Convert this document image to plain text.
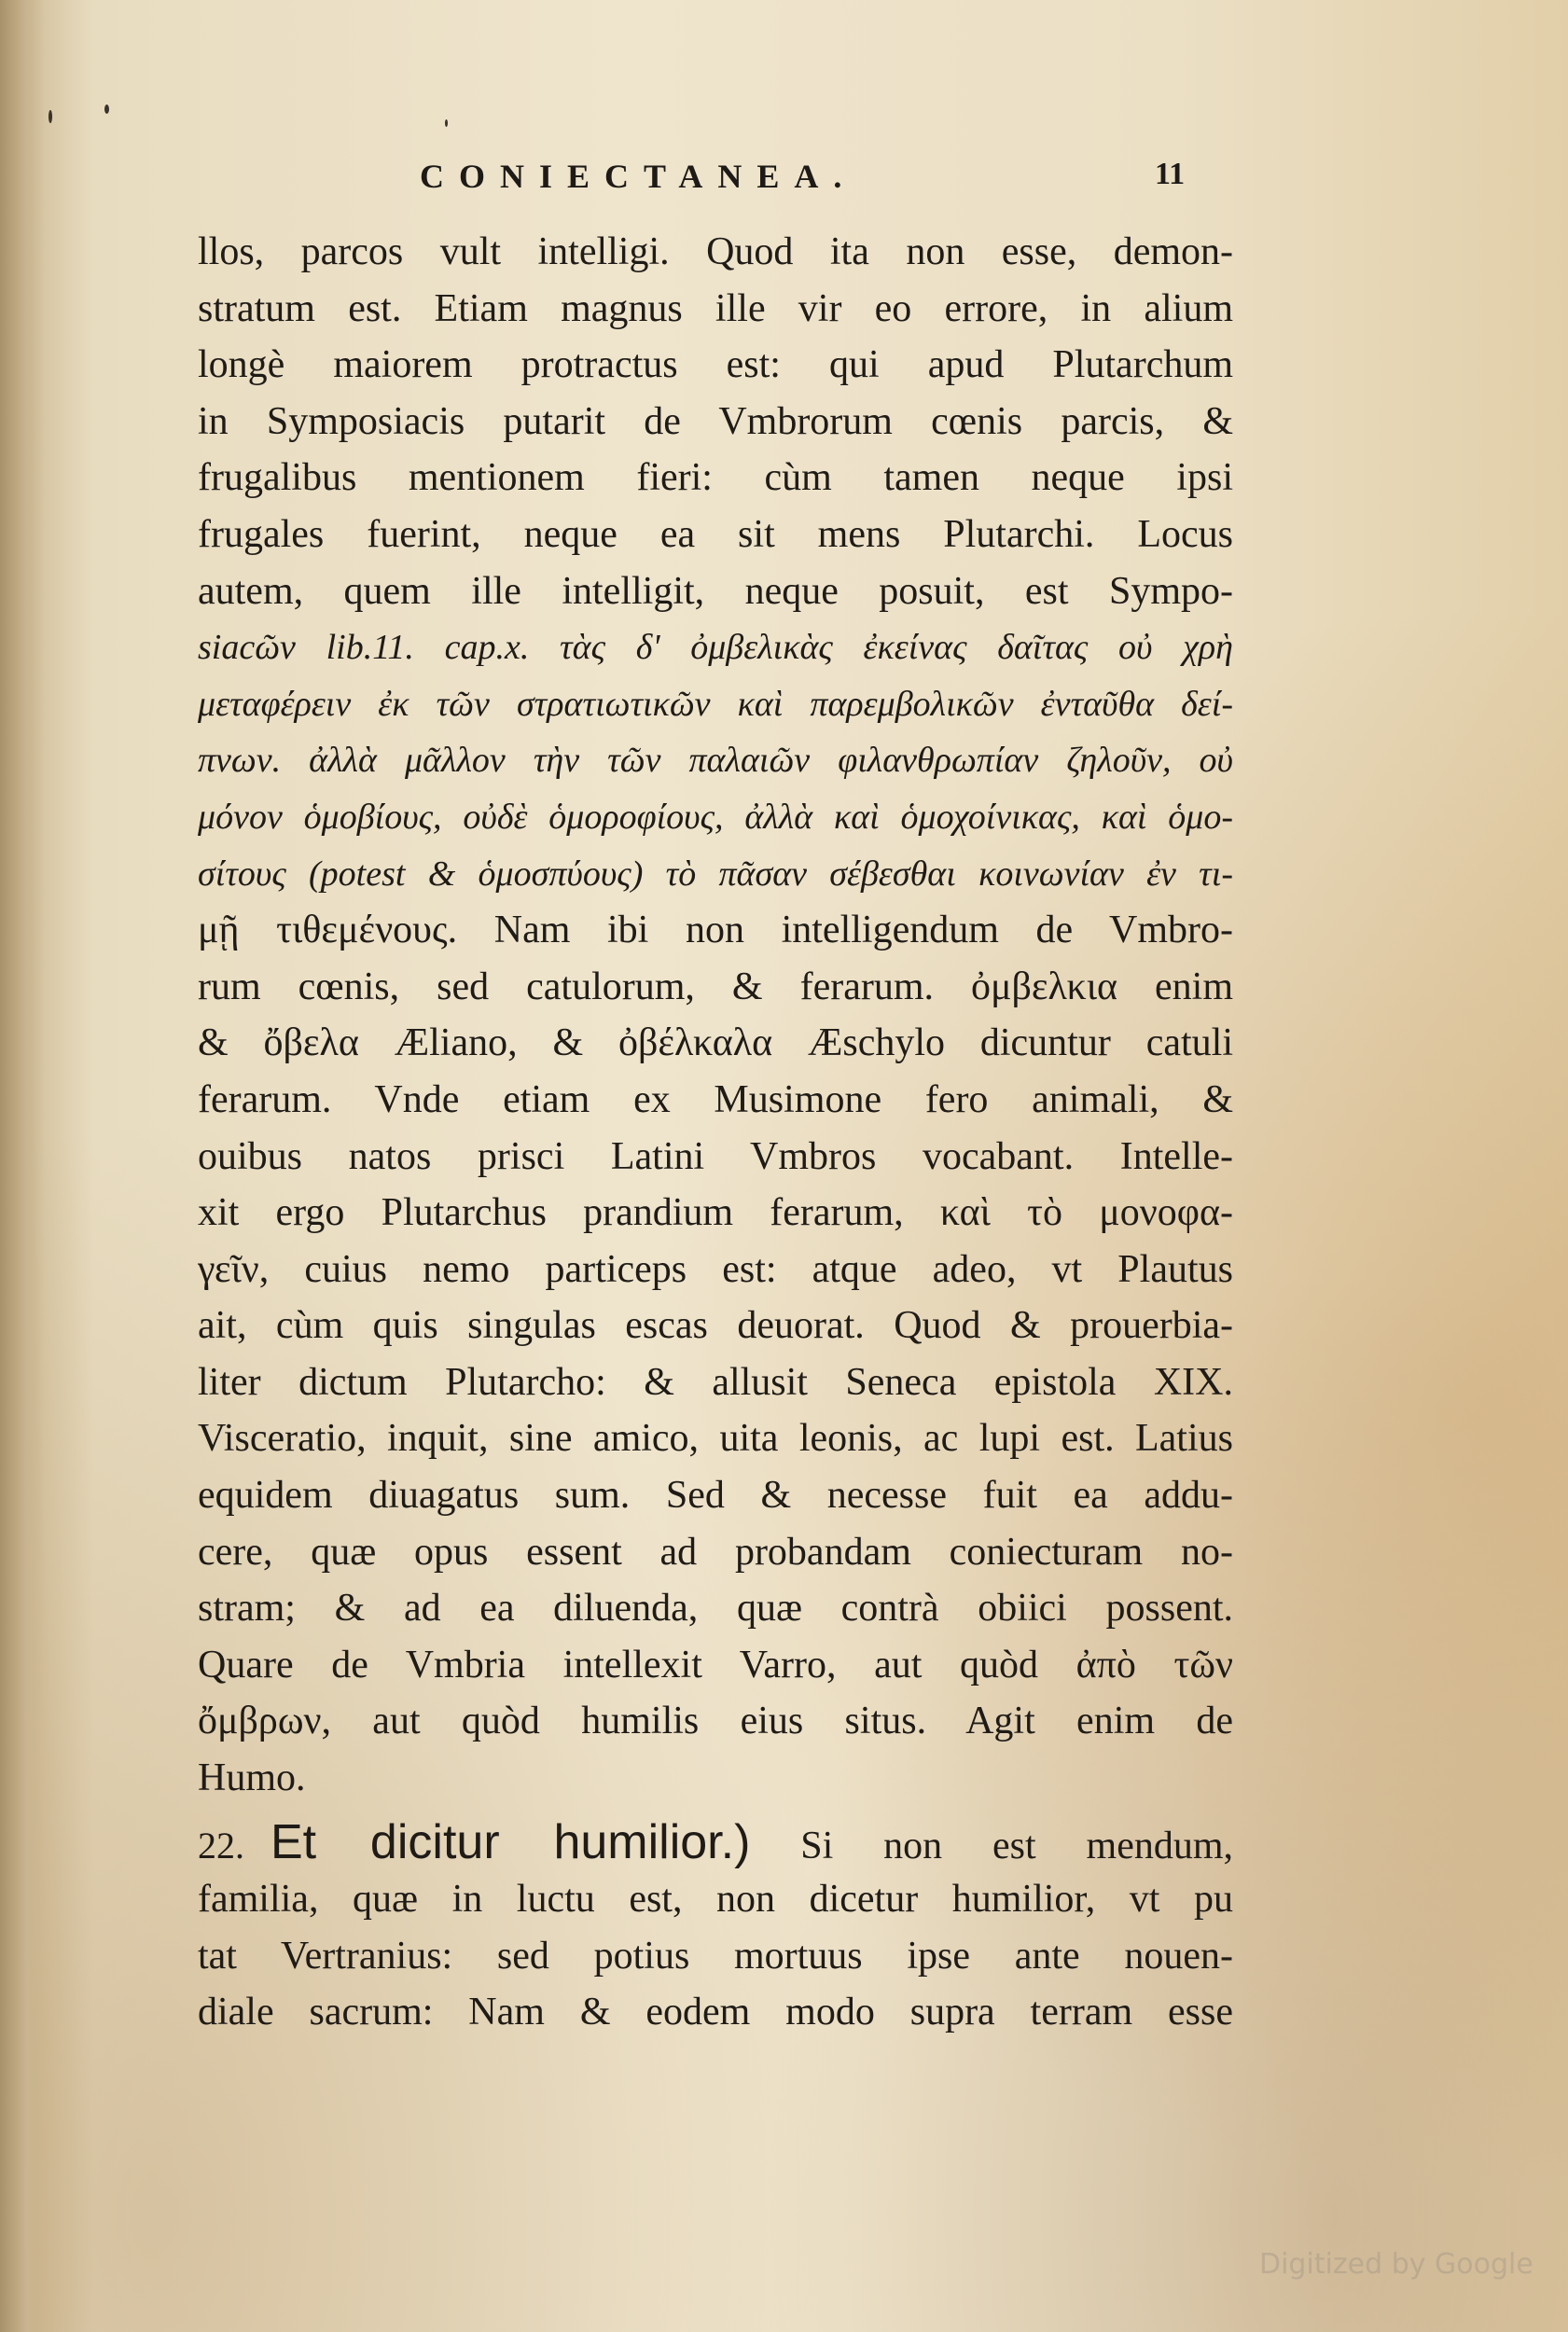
CONIECTANEA.	11
llos, parcos vult intelligi. Quod ita non esse, demon-
stratum est. Etiam magnus ille vir eo errore, in alium
longè maiorem protractus est: qui apud Plutarchum
in Symposiacis putarit de Vmbrorum cœnis parcis, &
frugalibus mentionem fieri: cùm tamen neque ipsi
frugales fuerint, neque ea sit mens Plutarchi. Locus
autem, quem ille intelligit, neque posuit, est Sympo-
siacῶν lib.11. cap.x. τὰς δ' ὀμβελικὰς ἐκείνας δαῖτας οὐ χρὴ
μεταφέρειν ἐκ τῶν στρατιωτικῶν καὶ παρεμβολικῶν ἐνταῦθα δεί-
πνων. ἀλλὰ μᾶλλον τὴν τῶν παλαιῶν φιλανθρωπίαν ζηλοῦν, οὐ
μόνον ὁμοβίους, οὐδὲ ὁμοροφίους, ἀλλὰ καὶ ὁμοχοίνικας, καὶ ὁμο-
σίτους (potest & ὁμοσπύους) τὸ πᾶσαν σέβεσθαι κοινωνίαν ἐν τι-
μῇ τιθεμένους. Nam ibi non intelligendum de Vmbro-
rum cœnis, sed catulorum, & ferarum. ὀμβελκια enim
& ὄβελα Æliano, & ὀβέλκαλα Æschylo dicuntur catuli
ferarum. Vnde etiam ex Musimone fero animali, &
ouibus natos prisci Latini Vmbros vocabant. Intelle-
xit ergo Plutarchus prandium ferarum, καὶ τὸ μονοφα-
γεῖν, cuius nemo particeps est: atque adeo, vt Plautus
ait, cùm quis singulas escas deuorat. Quod & prouerbia-
liter dictum Plutarcho: & allusit Seneca epistola XIX.
Visceratio, inquit, sine amico, uita leonis, ac lupi est. Latius
equidem diuagatus sum. Sed & necesse fuit ea addu-
cere, quæ opus essent ad probandam coniecturam no-
stram; & ad ea diluenda, quæ contrà obiici possent.
Quare de Vmbria intellexit Varro, aut quòd ἀπὸ τῶν
ὄμβρων, aut quòd humilis eius situs. Agit enim de
Humo.
22. Et dicitur humilior.) Si non est mendum,
familia, quæ in luctu est, non dicetur humilior, vt pu
tat Vertranius: sed potius mortuus ipse ante nouen-
diale sacrum: Nam & eodem modo supra terram esse
Digitized by Google
